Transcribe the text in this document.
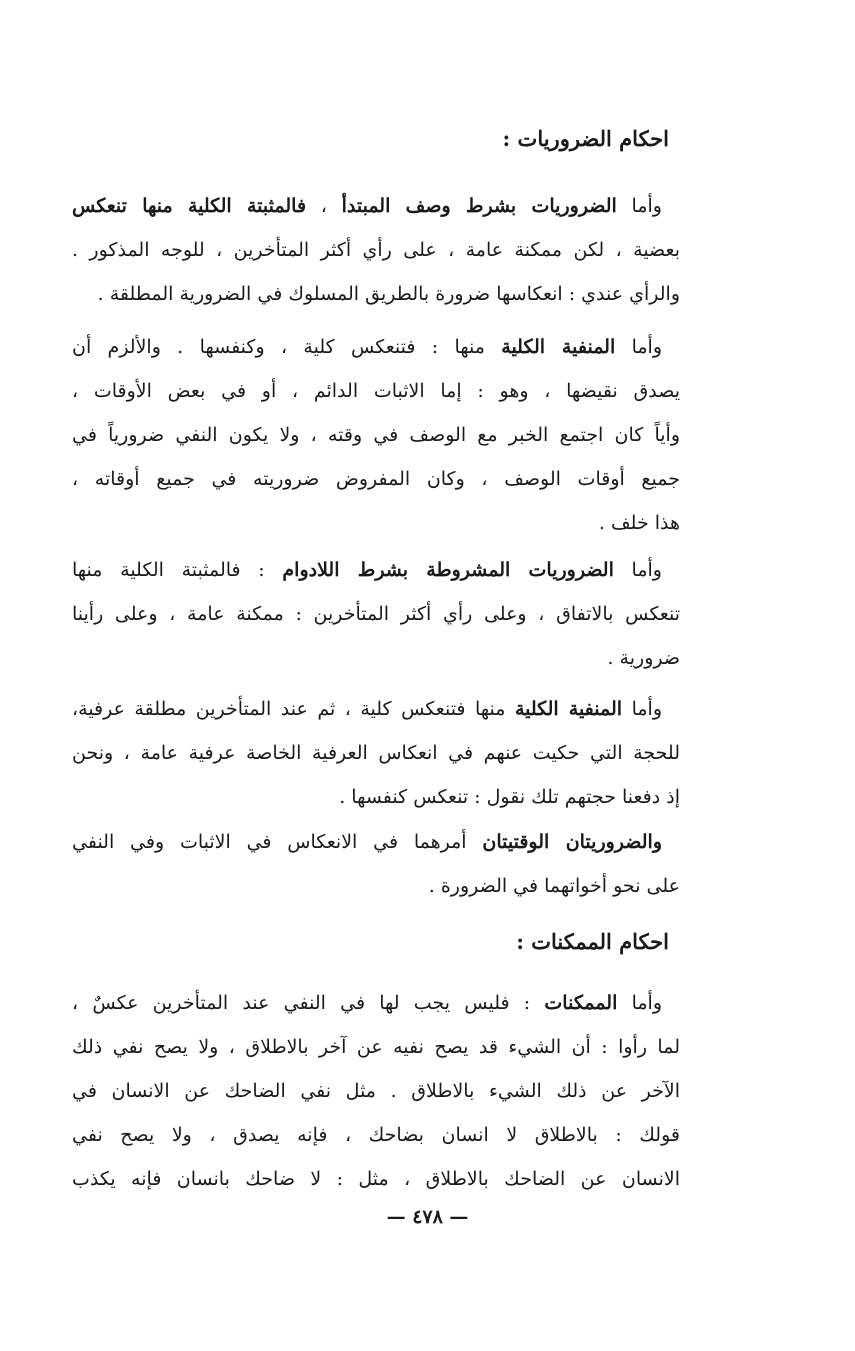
احكام الضروريات :
وأما الضروريات بشرط وصف المبتدأ ، فالمثبتة الكلية منها تنعكس
بعضية ، لكن ممكنة عامة ، على رأي أكثر المتأخرين ، للوجه المذكور .
والرأي عندي : انعكاسها ضرورة بالطريق المسلوك في الضرورية المطلقة .
وأما المنفية الكلية منها : فتنعكس كلية ، وكنفسها . والألزم أن
يصدق نقيضها ، وهو : إما الاثبات الدائم ، أو في بعض الأوقات ،
وأياً كان اجتمع الخبر مع الوصف في وقته ، ولا يكون النفي ضرورياً في
جميع أوقات الوصف ، وكان المفروض ضروريته في جميع أوقاته ،
هذا خلف .
وأما الضروريات المشروطة بشرط اللادوام : فالمثبتة الكلية منها
تنعكس بالاتفاق ، وعلى رأي أكثر المتأخرين : ممكنة عامة ، وعلى رأينا
ضرورية .
وأما المنفية الكلية منها فتنعكس كلية ، ثم عند المتأخرين مطلقة عرفية،
للحجة التي حكيت عنهم في انعكاس العرفية الخاصة عرفية عامة ، ونحن
إذ دفعنا حجتهم تلك نقول : تنعكس كنفسها .
والضروريتان الوقتيتان أمرهما في الانعكاس في الاثبات وفي النفي
على نحو أخواتهما في الضرورة .
احكام الممكنات :
وأما الممكنات : فليس يجب لها في النفي عند المتأخرين عكسٌ ،
لما رأوا : أن الشيء قد يصح نفيه عن آخر بالاطلاق ، ولا يصح نفي ذلك
الآخر عن ذلك الشيء بالاطلاق . مثل نفي الضاحك عن الانسان في
قولك : بالاطلاق لا انسان بضاحك ، فإنه يصدق ، ولا يصح نفي
الانسان عن الضاحك بالاطلاق ، مثل : لا ضاحك بانسان فإنه يكذب
— ٤٧٨ —
